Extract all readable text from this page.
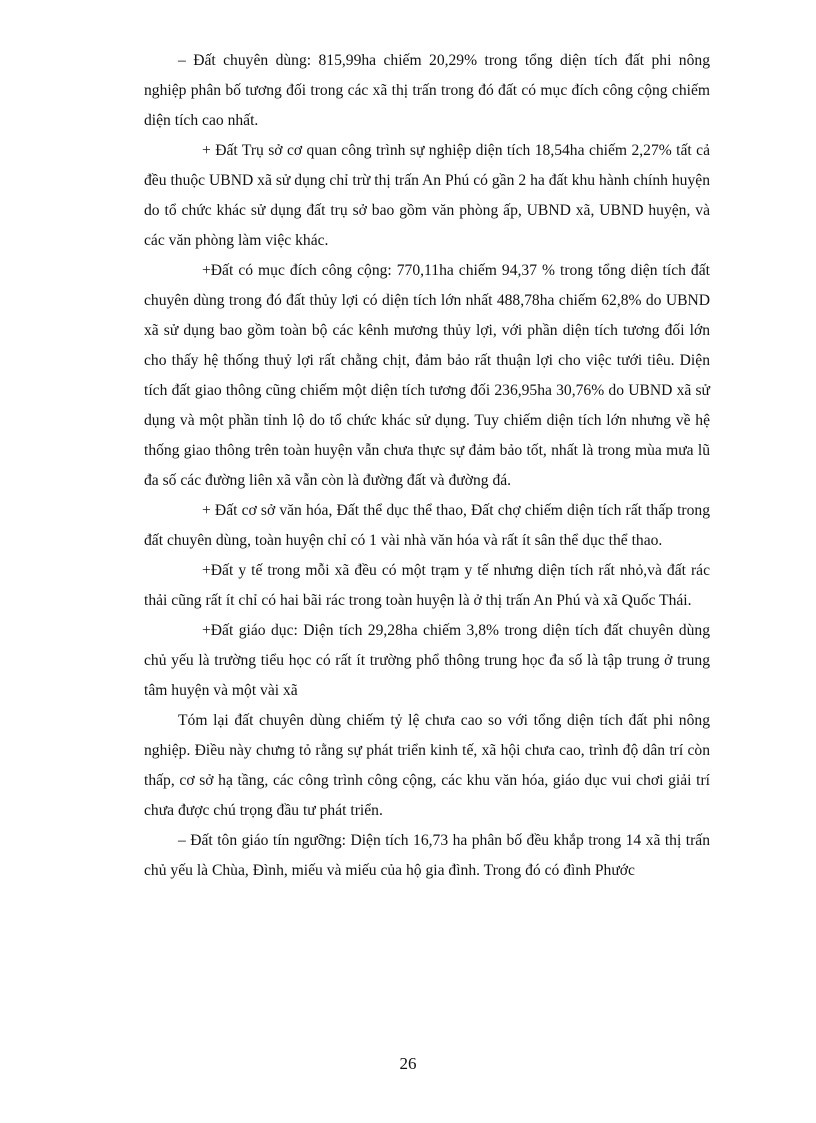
– Đất chuyên dùng: 815,99ha chiếm 20,29% trong tổng diện tích đất phi nông nghiệp phân bố tương đối trong các xã thị trấn trong đó đất có mục đích công cộng chiếm diện tích cao nhất.

+ Đất Trụ sở cơ quan công trình sự nghiệp diện tích 18,54ha chiếm 2,27% tất cả đều thuộc UBND xã sử dụng chỉ trừ thị trấn An Phú có gần 2 ha đất khu hành chính huyện do tổ chức khác sử dụng đất trụ sở bao gồm văn phòng ấp, UBND xã, UBND huyện, và các văn phòng làm việc khác.

+Đất có mục đích công cộng: 770,11ha chiếm 94,37 % trong tổng diện tích đất chuyên dùng trong đó đất thủy lợi có diện tích lớn nhất 488,78ha chiếm 62,8% do UBND xã sử dụng bao gồm toàn bộ các kênh mương thủy lợi, với phần diện tích tương đối lớn cho thấy hệ thống thuỷ lợi rất chằng chịt, đảm bảo rất thuận lợi cho việc tưới tiêu. Diện tích đất giao thông cũng chiếm một diện tích tương đối 236,95ha 30,76% do UBND xã sử dụng và một phần tỉnh lộ do tổ chức khác sử dụng. Tuy chiếm diện tích lớn nhưng về hệ thống giao thông trên toàn huyện vẫn chưa thực sự đảm bảo tốt, nhất là trong mùa mưa lũ đa số các đường liên xã vẫn còn là đường đất và đường đá.

+ Đất cơ sở văn hóa, Đất thể dục thể thao, Đất chợ chiếm diện tích rất thấp trong đất chuyên dùng, toàn huyện chỉ có 1 vài nhà văn hóa và rất ít sân thể dục thể thao.

+Đất y tế trong mỗi xã đều có một trạm y tế nhưng diện tích rất nhỏ,và đất rác thải cũng rất ít chỉ có hai bãi rác trong toàn huyện là ở thị trấn An Phú và xã Quốc Thái.

+Đất giáo dục: Diện tích 29,28ha chiếm 3,8% trong diện tích đất chuyên dùng chủ yếu là trường tiểu học có rất ít trường phổ thông trung học đa số là tập trung ở trung tâm huyện và một vài xã

Tóm lại đất chuyên dùng chiếm tỷ lệ chưa cao so với tổng diện tích đất phi nông nghiệp. Điều này chưng tỏ rằng sự phát triển kinh tế, xã hội chưa cao, trình độ dân trí còn thấp, cơ sở hạ tầng, các công trình công cộng, các khu văn hóa, giáo dục vui chơi giải trí chưa được chú trọng đầu tư phát triển.

– Đất tôn giáo tín ngưỡng: Diện tích 16,73 ha phân bố đều khắp trong 14 xã thị trấn chủ yếu là Chùa, Đình, miếu và miếu của hộ gia đình. Trong đó có đình Phước

26
